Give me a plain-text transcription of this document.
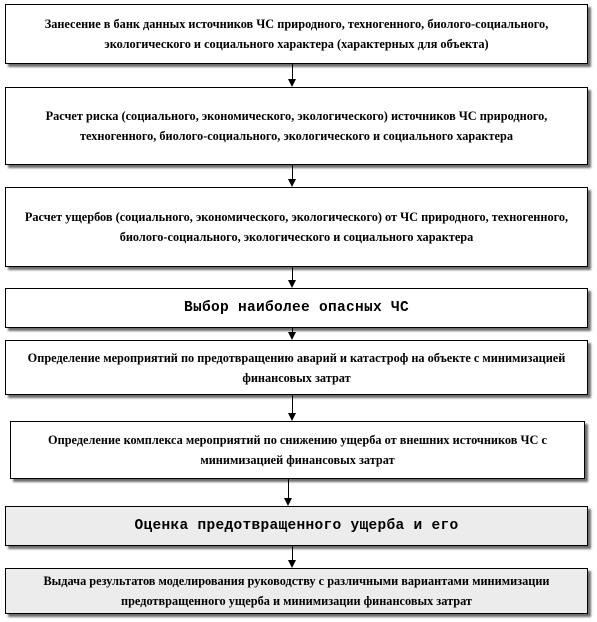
Занесение в банк данных источников ЧС природного, техногенного, биолого-социального, экологического и социального характера (характерных для объекта)
Расчет риска (социального, экономического, экологического) источников ЧС природного, техногенного, биолого-социального, экологического и социального характера
Расчет ущербов (социального, экономического, экологического) от ЧС природного, техногенного, биолого-социального, экологического и социального характера
Выбор наиболее опасных ЧС
Определение мероприятий по предотвращению аварий и катастроф на объекте с минимизацией финансовых затрат
Определение комплекса мероприятий по снижению ущерба от внешних источников ЧС с минимизацией финансовых затрат
Оценка предотвращенного ущерба и его
Выдача результатов моделирования руководству с различными вариантами минимизации предотвращенного ущерба и минимизации финансовых затрат
